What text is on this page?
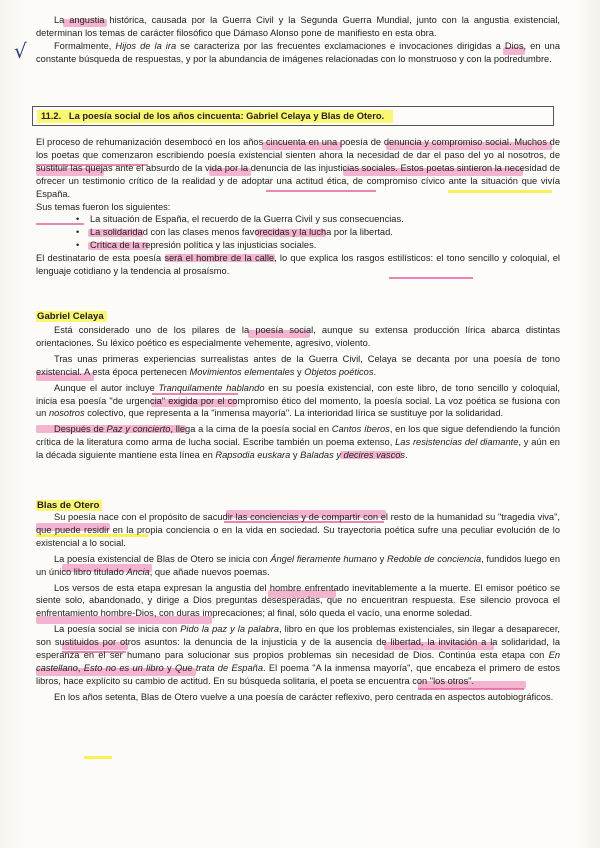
√

La angustia histórica, causada por la Guerra Civil y la Segunda Guerra Mundial, junto con la angustia existencial, determinan los temas de carácter filosófico que Dámaso Alonso pone de manifiesto en esta obra.

Formalmente, Hijos de la ira se caracteriza por las frecuentes exclamaciones e invocaciones dirigidas a Dios, en una constante búsqueda de respuestas, y por la abundancia de imágenes relacionadas con lo monstruoso y con la podredumbre.

11.2. La poesía social de los años cincuenta: Gabriel Celaya y Blas de Otero.

El proceso de rehumanización desembocó en los años cincuenta en una poesía de denuncia y compromiso social. Muchos de los poetas que comenzaron escribiendo poesía existencial sienten ahora la necesidad de dar el paso del yo al nosotros, de sustituir las quejas ante el absurdo de la vida por la denuncia de las injusticias sociales. Estos poetas sintieron la necesidad de ofrecer un testimonio crítico de la realidad y de adoptar una actitud ética, de compromiso cívico ante la situación que vivía España.

Sus temas fueron los siguientes:

• La situación de España, el recuerdo de la Guerra Civil y sus consecuencias.
• La solidaridad con las clases menos favorecidas y la lucha por la libertad.
• Crítica de la represión política y las injusticias sociales.

El destinatario de esta poesía será el hombre de la calle, lo que explica los rasgos estilísticos: el tono sencillo y coloquial, el lenguaje cotidiano y la tendencia al prosaísmo.

Gabriel Celaya

Está considerado uno de los pilares de la poesía social, aunque su extensa producción lírica abarca distintas orientaciones. Su léxico poético es especialmente vehemente, agresivo, violento.

Tras unas primeras experiencias surrealistas antes de la Guerra Civil, Celaya se decanta por una poesía de tono existencial. A esta época pertenecen Movimientos elementales y Objetos poéticos.

Aunque el autor incluye Tranquilamente hablando en su poesía existencial, con este libro, de tono sencillo y coloquial, inicia esa poesía "de urgencia" exigida por el compromiso ético del momento, la poesía social. La voz poética se fusiona con un nosotros colectivo, que representa a la "inmensa mayoría". La interioridad lírica se sustituye por la solidaridad.

Después de Paz y concierto, llega a la cima de la poesía social en Cantos íberos, en los que sigue defendiendo la función crítica de la literatura como arma de lucha social. Escribe también un poema extenso, Las resistencias del diamante, y aún en la década siguiente mantiene esta línea en Rapsodia euskara y Baladas y decires vascos.

Blas de Otero

Su poesía nace con el propósito de sacudir las conciencias y de compartir con el resto de la humanidad su "tragedia viva", que puede residir en la propia conciencia o en la vida en sociedad. Su trayectoria poética sufre una peculiar evolución de lo existencial a lo social.

La poesía existencial de Blas de Otero se inicia con Ángel fieramente humano y Redoble de conciencia, fundidos luego en un único libro titulado Ancia, que añade nuevos poemas.

Los versos de esta etapa expresan la angustia del hombre enfrentado inevitablemente a la muerte. El emisor poético se siente solo, abandonado, y dirige a Dios preguntas desesperadas, que no encuentran respuesta. Ese silencio provoca el enfrentamiento hombre-Dios, con duras imprecaciones; al final, sólo queda el vacío, una enorme soledad.

La poesía social se inicia con Pido la paz y la palabra, libro en que los problemas existenciales, sin llegar a desaparecer, son sustituidos por otros asuntos: la denuncia de la injusticia y de la ausencia de libertad, la invitación a la solidaridad, la esperanza en el ser humano para solucionar sus propios problemas sin necesidad de Dios. Continúa esta etapa con En castellano, Esto no es un libro y Que trata de España. El poema "A la inmensa mayoría", que encabeza el primero de estos libros, hace explícito su cambio de actitud. En su búsqueda solitaria, el poeta se encuentra con "los otros".

En los años setenta, Blas de Otero vuelve a una poesía de carácter reflexivo, pero centrada en aspectos autobiográficos.
